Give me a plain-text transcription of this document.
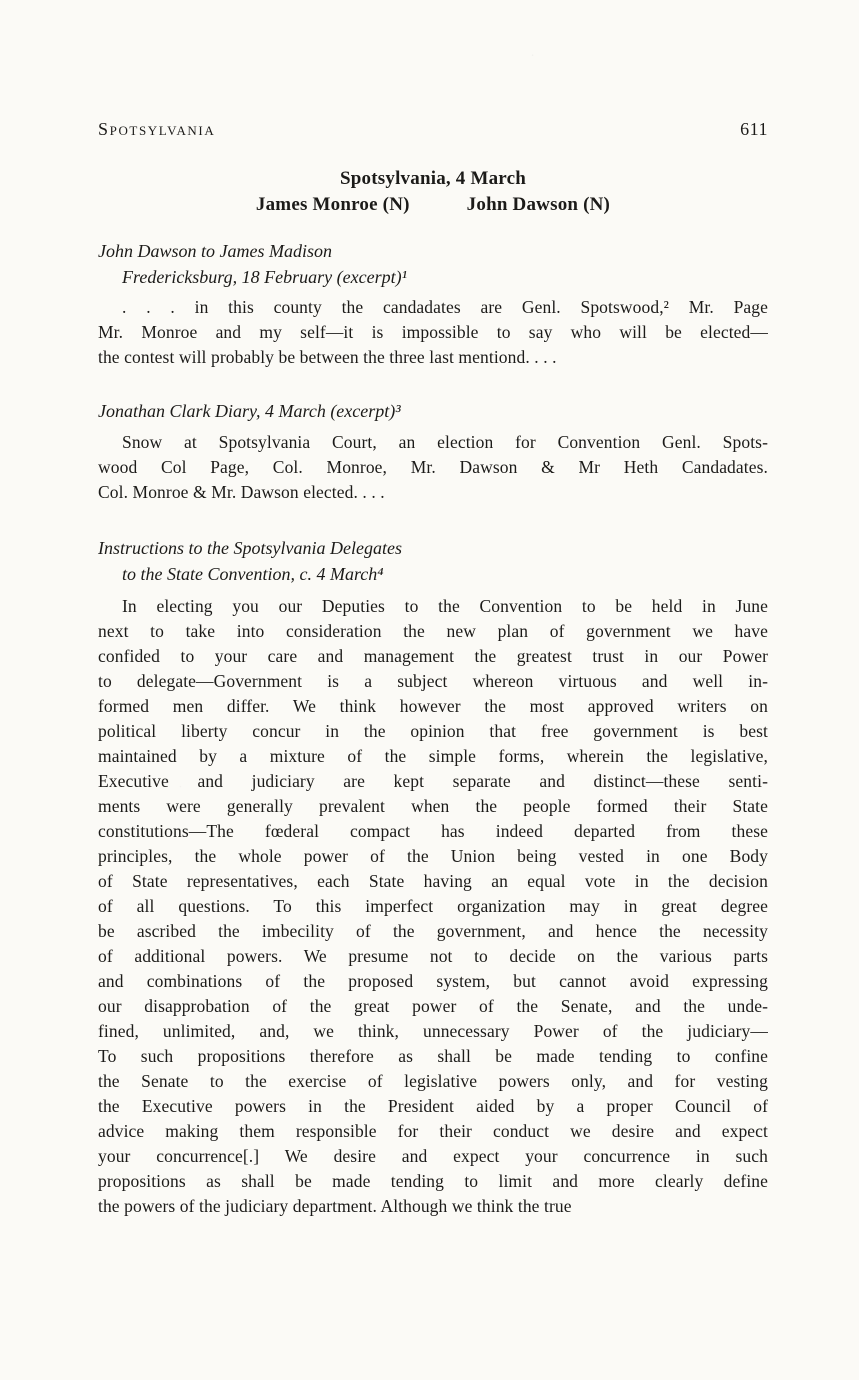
Spotsylvania	611
Spotsylvania, 4 March
James Monroe (N)	John Dawson (N)
John Dawson to James Madison
Fredericksburg, 18 February (excerpt)¹
. . . in this county the candadates are Genl. Spotswood,² Mr. Page
Mr. Monroe and my self—it is impossible to say who will be elected—
the contest will probably be between the three last mentiond. . . .
Jonathan Clark Diary, 4 March (excerpt)³
Snow at Spotsylvania Court, an election for Convention Genl. Spots-
wood Col Page, Col. Monroe, Mr. Dawson & Mr Heth Candadates.
Col. Monroe & Mr. Dawson elected. . . .
Instructions to the Spotsylvania Delegates
to the State Convention, c. 4 March⁴
In electing you our Deputies to the Convention to be held in June
next to take into consideration the new plan of government we have
confided to your care and management the greatest trust in our Power
to delegate—Government is a subject whereon virtuous and well in-
formed men differ. We think however the most approved writers on
political liberty concur in the opinion that free government is best
maintained by a mixture of the simple forms, wherein the legislative,
Executive and judiciary are kept separate and distinct—these senti-
ments were generally prevalent when the people formed their State
constitutions—The fœderal compact has indeed departed from these
principles, the whole power of the Union being vested in one Body
of State representatives, each State having an equal vote in the decision
of all questions. To this imperfect organization may in great degree
be ascribed the imbecility of the government, and hence the necessity
of additional powers. We presume not to decide on the various parts
and combinations of the proposed system, but cannot avoid expressing
our disapprobation of the great power of the Senate, and the unde-
fined, unlimited, and, we think, unnecessary Power of the judiciary—
To such propositions therefore as shall be made tending to confine
the Senate to the exercise of legislative powers only, and for vesting
the Executive powers in the President aided by a proper Council of
advice making them responsible for their conduct we desire and expect
your concurrence[.] We desire and expect your concurrence in such
propositions as shall be made tending to limit and more clearly define
the powers of the judiciary department. Although we think the true
